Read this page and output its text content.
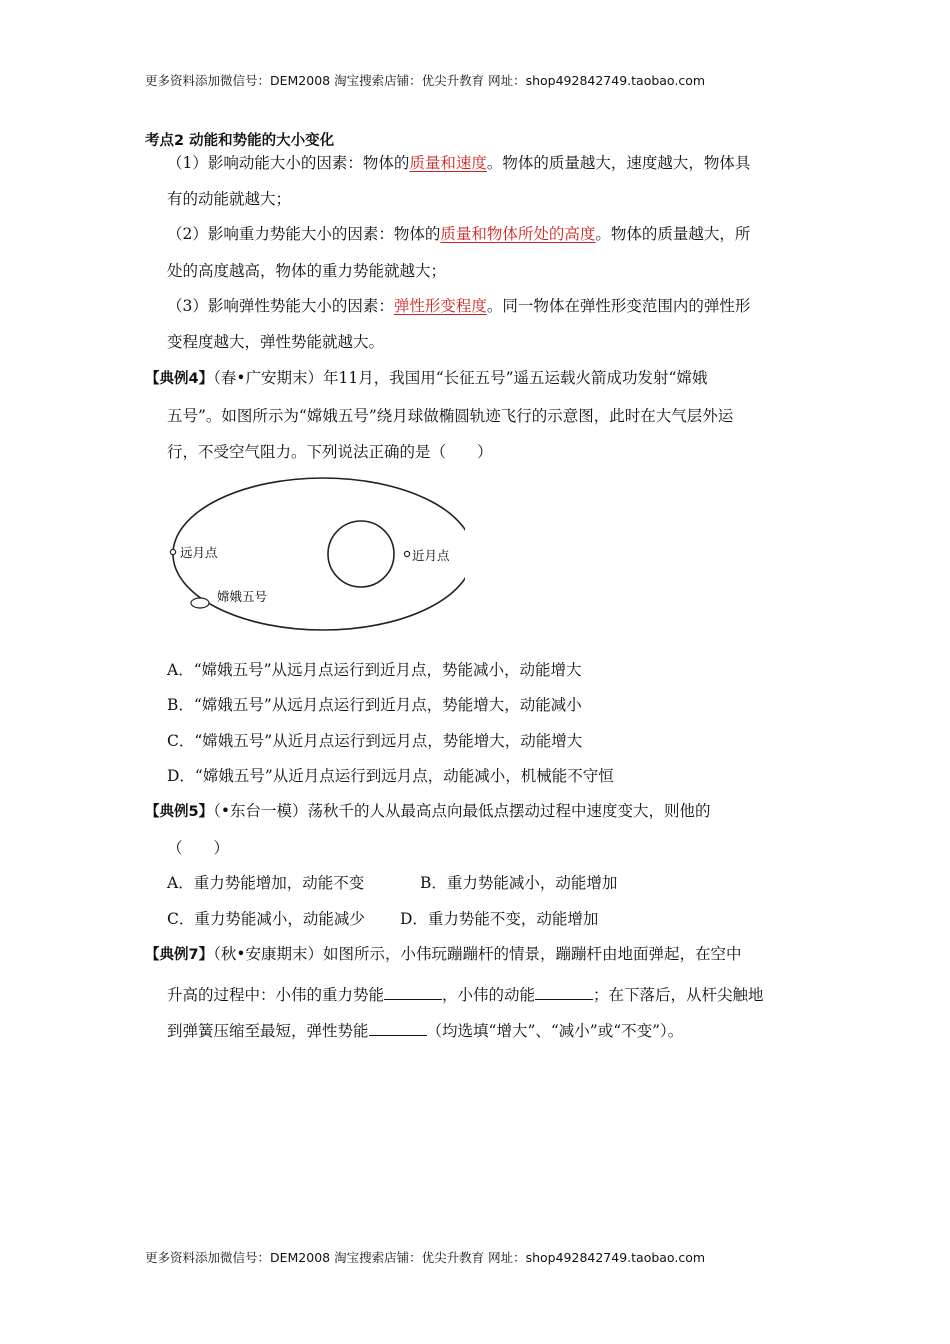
更多资料添加微信号：DEM2008 淘宝搜索店铺：优尖升教育 网址：shop492842749.taobao.com
考点2 动能和势能的大小变化
（1）影响动能大小的因素：物体的质量和速度。物体的质量越大，速度越大，物体具
有的动能就越大；
（2）影响重力势能大小的因素：物体的质量和物体所处的高度。物体的质量越大，所
处的高度越高，物体的重力势能就越大；
（3）影响弹性势能大小的因素：弹性形变程度。同一物体在弹性形变范围内的弹性形
变程度越大，弹性势能就越大。
【典例4】（春•广安期末）年11月，我国用“长征五号”遥五运载火箭成功发射“嫦娥
五号”。如图所示为“嫦娥五号”绕月球做椭圆轨迹飞行的示意图，此时在大气层外运
行，不受空气阻力。下列说法正确的是（　　）
远月点	近月点
嫦娥五号
A．“嫦娥五号”从远月点运行到近月点，势能减小，动能增大
B．“嫦娥五号”从远月点运行到近月点，势能增大，动能减小
C．“嫦娥五号”从近月点运行到远月点，势能增大，动能增大
D．“嫦娥五号”从近月点运行到远月点，动能减小，机械能不守恒
【典例5】（•东台一模）荡秋千的人从最高点向最低点摆动过程中速度变大，则他的
（　　）
A．重力势能增加，动能不变	B．重力势能减小，动能增加
C．重力势能减小，动能减少 D．重力势能不变，动能增加
【典例7】（秋•安康期末）如图所示，小伟玩蹦蹦杆的情景，蹦蹦杆由地面弹起，在空中
升高的过程中：小伟的重力势能	，小伟的动能	；在下落后，从杆尖触地
到弹簧压缩至最短，弹性势能	（均选填“增大”、“减小”或“不变”）。
更多资料添加微信号：DEM2008 淘宝搜索店铺：优尖升教育 网址：shop492842749.taobao.com
